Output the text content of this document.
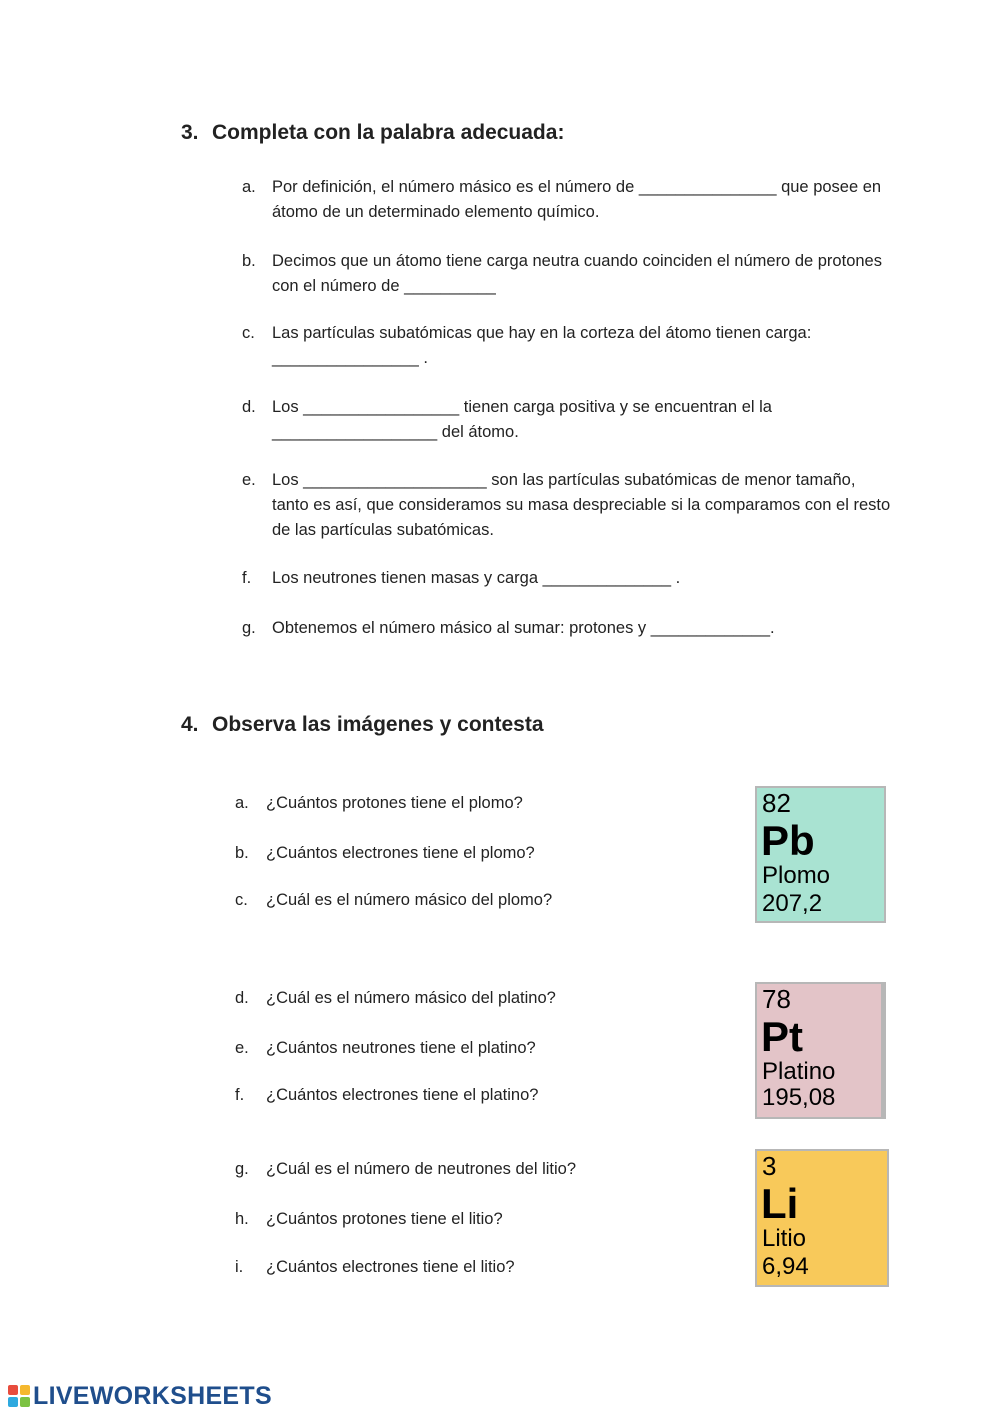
3. Completa con la palabra adecuada:
a. Por definición, el número másico es el número de _______________ que posee en átomo de un determinado elemento químico.
b. Decimos que un átomo tiene carga neutra cuando coinciden el número de protones con el número de __________
c. Las partículas subatómicas que hay en la corteza del átomo tienen carga: ________________ .
d. Los _________________ tienen carga positiva y se encuentran el la __________________ del átomo.
e. Los ____________________ son las partículas subatómicas de menor tamaño, tanto es así, que consideramos su masa despreciable si la comparamos con el resto de las partículas subatómicas.
f. Los neutrones tienen masas y carga ______________ .
g. Obtenemos el número másico al sumar: protones y _____________.
4. Observa las imágenes y contesta
a. ¿Cuántos protones tiene el plomo?
b. ¿Cuántos electrones tiene el plomo?
c. ¿Cuál es el número másico del plomo?
d. ¿Cuál es el número másico del platino?
e. ¿Cuántos neutrones tiene el platino?
f. ¿Cuántos electrones tiene el platino?
g. ¿Cuál es el número de neutrones del litio?
h. ¿Cuántos protones tiene el litio?
i. ¿Cuántos electrones tiene el litio?
82
Pb
Plomo
207,2
78
Pt
Platino
195,08
3
Li
Litio
6,94
LIVEWORKSHEETS
